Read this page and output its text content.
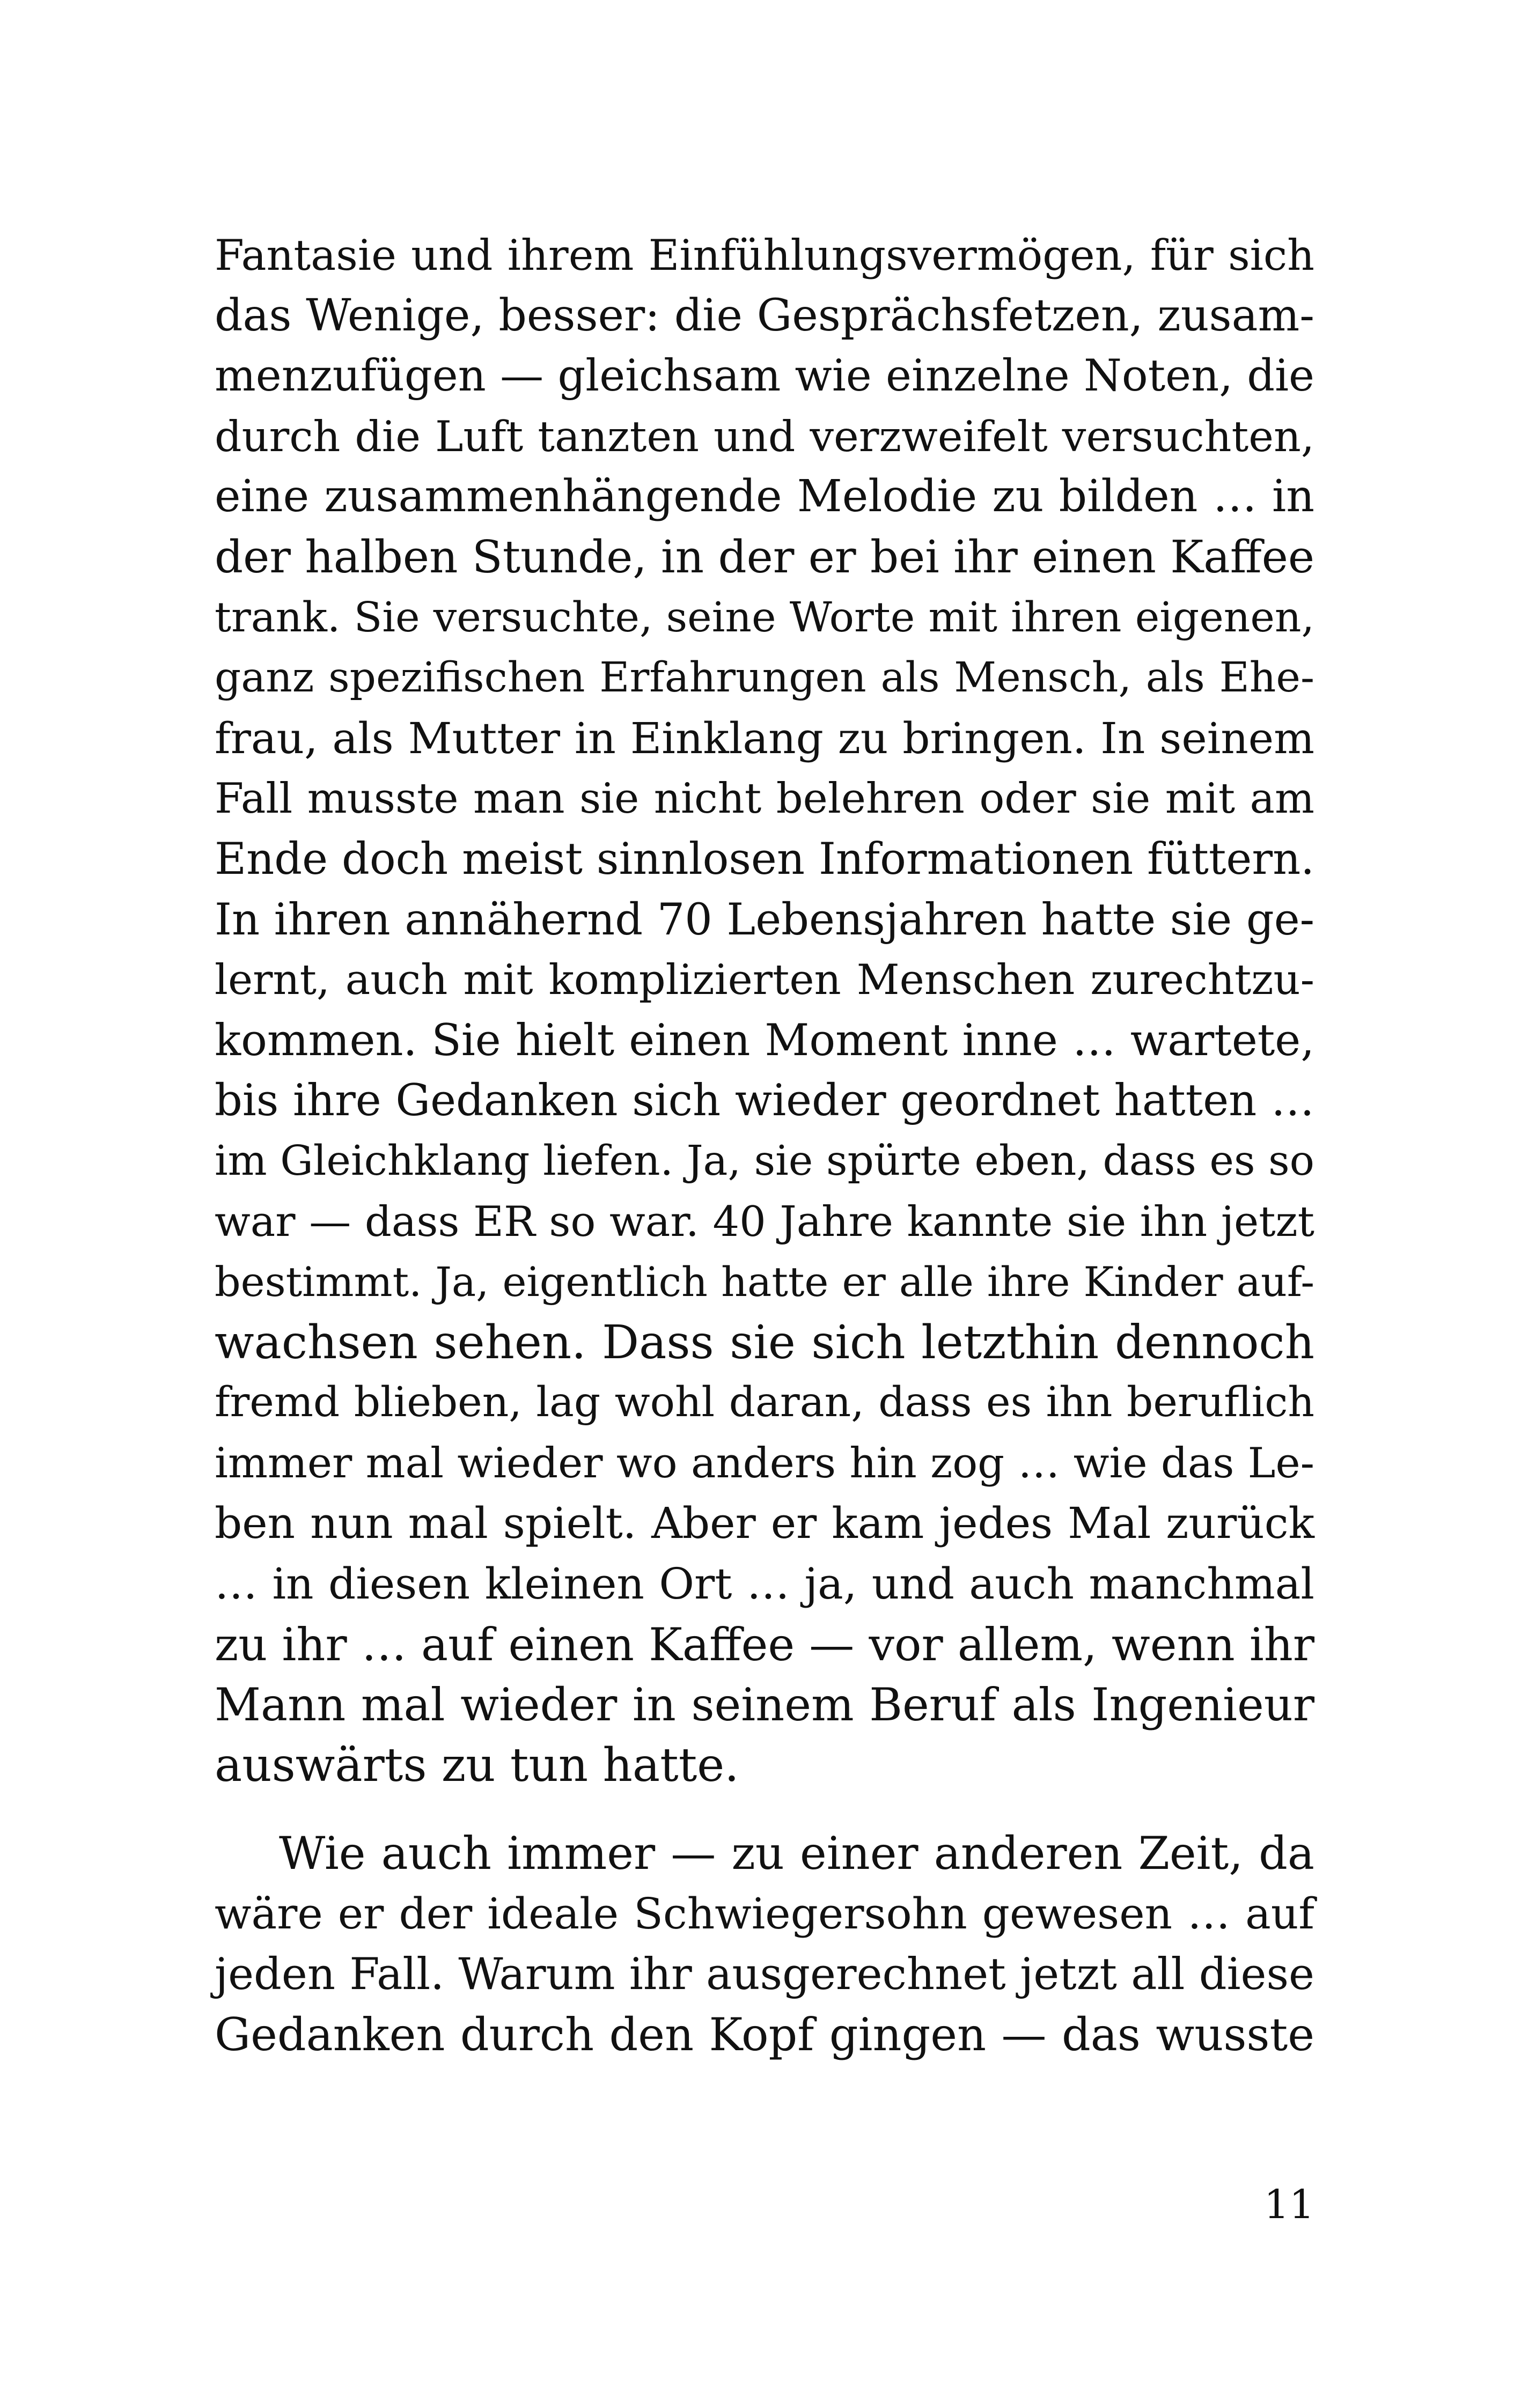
Fantasie und ihrem Einfühlungsvermögen, für sich
das Wenige, besser: die Gesprächsfetzen, zusam-
menzufügen — gleichsam wie einzelne Noten, die
durch die Luft tanzten und verzweifelt versuchten,
eine zusammenhängende Melodie zu bilden … in
der halben Stunde, in der er bei ihr einen Kaffee
trank. Sie versuchte, seine Worte mit ihren eigenen,
ganz spezifischen Erfahrungen als Mensch, als Ehe-
frau, als Mutter in Einklang zu bringen. In seinem
Fall musste man sie nicht belehren oder sie mit am
Ende doch meist sinnlosen Informationen füttern.
In ihren annähernd 70 Lebensjahren hatte sie ge-
lernt, auch mit komplizierten Menschen zurechtzu-
kommen. Sie hielt einen Moment inne … wartete,
bis ihre Gedanken sich wieder geordnet hatten …
im Gleichklang liefen. Ja, sie spürte eben, dass es so
war — dass ER so war. 40 Jahre kannte sie ihn jetzt
bestimmt. Ja, eigentlich hatte er alle ihre Kinder auf-
wachsen sehen. Dass sie sich letzthin dennoch
fremd blieben, lag wohl daran, dass es ihn beruflich
immer mal wieder wo anders hin zog … wie das Le-
ben nun mal spielt. Aber er kam jedes Mal zurück
… in diesen kleinen Ort … ja, und auch manchmal
zu ihr … auf einen Kaffee — vor allem, wenn ihr
Mann mal wieder in seinem Beruf als Ingenieur
auswärts zu tun hatte.
Wie auch immer — zu einer anderen Zeit, da
wäre er der ideale Schwiegersohn gewesen … auf
jeden Fall. Warum ihr ausgerechnet jetzt all diese
Gedanken durch den Kopf gingen — das wusste
11
